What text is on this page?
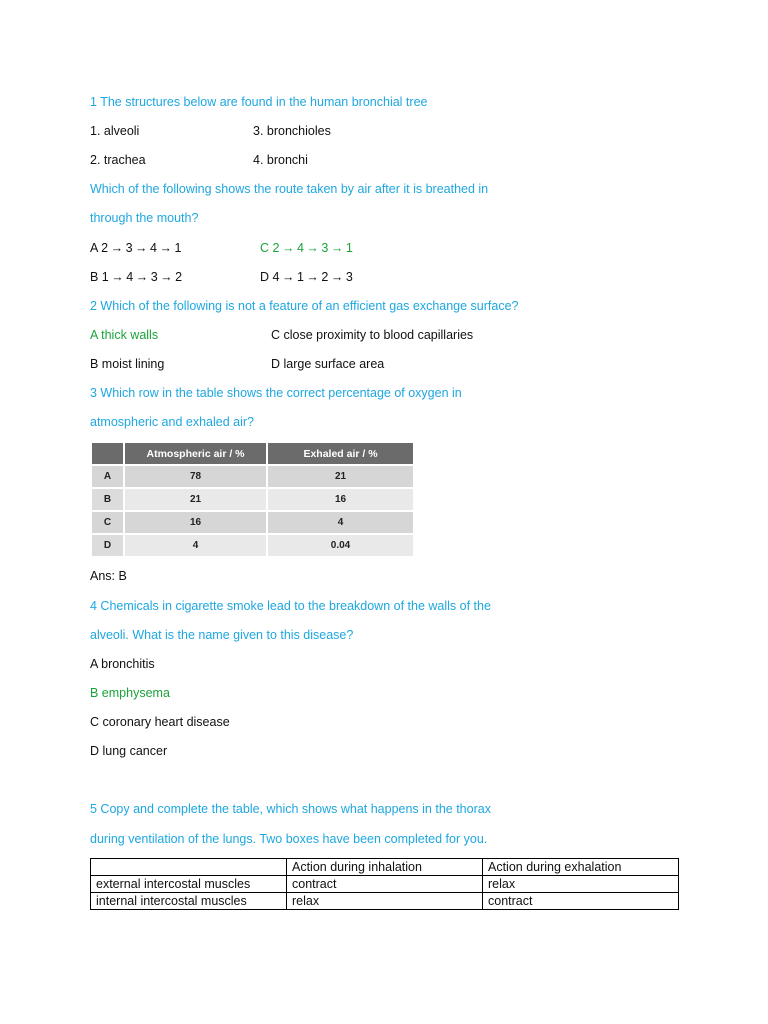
1 The structures below are found in the human bronchial tree
1. alveoli	3. bronchioles
2. trachea	4. bronchi
Which of the following shows the route taken by air after it is breathed in
through the mouth?
A 2 → 3 → 4 → 1	C 2 → 4 → 3 → 1
B 1 → 4 → 3 → 2	D 4 → 1 → 2 → 3
2 Which of the following is not a feature of an efficient gas exchange surface?
A thick walls	C close proximity to blood capillaries
B moist lining	D large surface area
3 Which row in the table shows the correct percentage of oxygen in
atmospheric and exhaled air?
	Atmospheric air / %	Exhaled air / %
A	78	21
B	21	16
C	16	4
D	4	0.04
Ans: B
4 Chemicals in cigarette smoke lead to the breakdown of the walls of the
alveoli. What is the name given to this disease?
A bronchitis
B emphysema
C coronary heart disease
D lung cancer
5 Copy and complete the table, which shows what happens in the thorax
during ventilation of the lungs. Two boxes have been completed for you.
	Action during inhalation	Action during exhalation
external intercostal muscles	contract	relax
internal intercostal muscles	relax	contract
